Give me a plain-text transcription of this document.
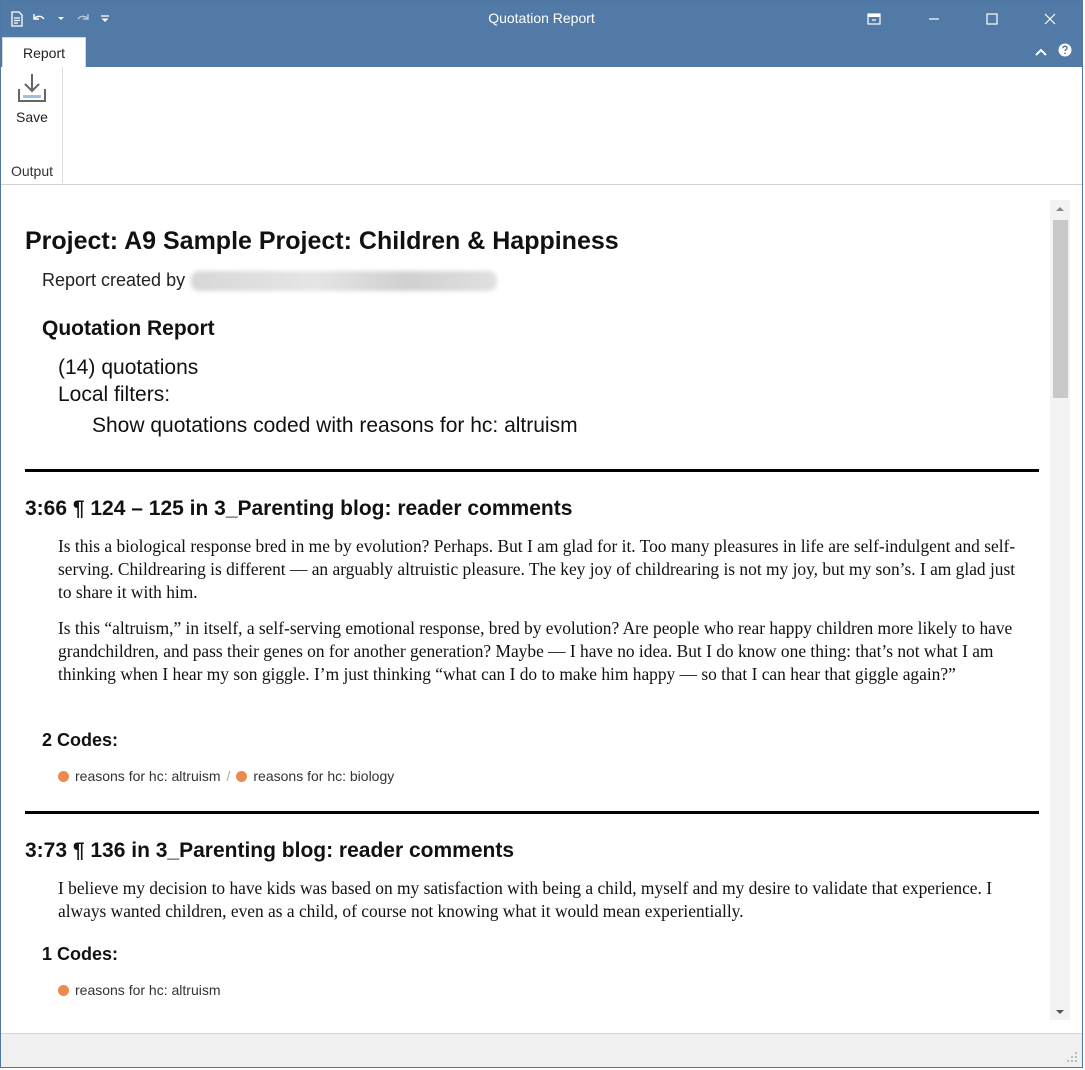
Quotation Report
Report
Save
Output
Project: A9 Sample Project: Children & Happiness
Report created by
Quotation Report
(14) quotations
Local filters:
Show quotations coded with reasons for hc: altruism
3:66 ¶ 124 – 125 in 3_Parenting blog: reader comments
Is this a biological response bred in me by evolution? Perhaps. But I am glad for it. Too many pleasures in life are self-indulgent and self-serving. Childrearing is different — an arguably altruistic pleasure. The key joy of childrearing is not my joy, but my son’s. I am glad just to share it with him.
Is this “altruism,” in itself, a self-serving emotional response, bred by evolution? Are people who rear happy children more likely to have grandchildren, and pass their genes on for another generation? Maybe — I have no idea. But I do know one thing: that’s not what I am thinking when I hear my son giggle. I’m just thinking “what can I do to make him happy — so that I can hear that giggle again?”
2 Codes:
reasons for hc: altruism / reasons for hc: biology
3:73 ¶ 136 in 3_Parenting blog: reader comments
I believe my decision to have kids was based on my satisfaction with being a child, myself and my desire to validate that experience. I always wanted children, even as a child, of course not knowing what it would mean experientially.
1 Codes:
reasons for hc: altruism
